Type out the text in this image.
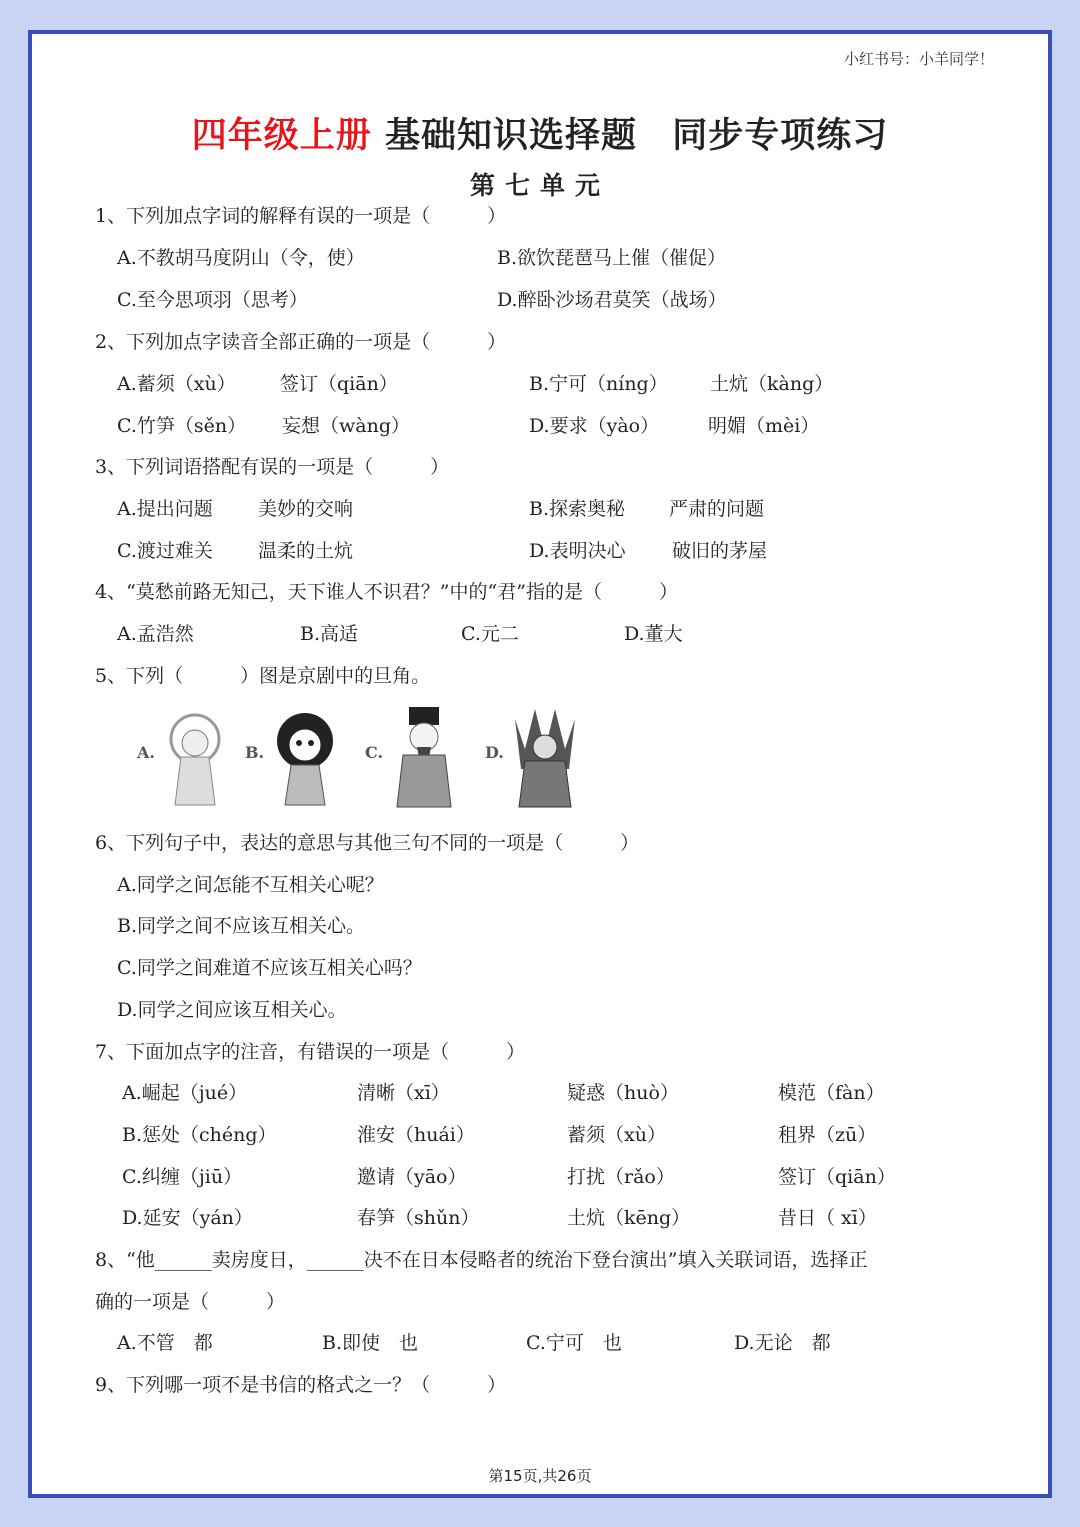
小红书号：小羊同学！
四年级上册 基础知识选择题 同步专项练习
第七单元
1、下列加点字词的解释有误的一项是（　　　）
A.不教胡马度阴山（令，使）	B.欲饮琵琶马上催（催促）
C.至今思项羽（思考）	D.醉卧沙场君莫笑（战场）
2、下列加点字读音全部正确的一项是（　　　）
A.蓄须（xù） 签订（qiān）	B.宁可（níng） 土炕（kàng）
C.竹笋（sěn） 妄想（wàng）	D.要求（yào）	明媚（mèi）
3、下列词语搭配有误的一项是（　　　）
A.提出问题 美妙的交响	B.探索奥秘 严肃的问题
C.渡过难关 温柔的土炕	D.表明决心 破旧的茅屋
4、“莫愁前路无知己，天下谁人不识君？”中的“君”指的是（　　　）
A.孟浩然	B.高适	C.元二	D.董大
5、下列（　　　）图是京剧中的旦角。
A.	B.	C.	D.
6、下列句子中，表达的意思与其他三句不同的一项是（　　　）
A.同学之间怎能不互相关心呢？
B.同学之间不应该互相关心。
C.同学之间难道不应该互相关心吗？
D.同学之间应该互相关心。
7、下面加点字的注音，有错误的一项是（　　　）
A.崛起（jué）	清晰（xī）	疑惑（huò）	模范（fàn）
B.惩处（chéng）	淮安（huái）	蓄须（xù）	租界（zū）
C.纠缠（jiū）	邀请（yāo）	打扰（rǎo）	签订（qiān）
D.延安（yán）	春笋（shǔn）	土炕（kēng）	昔日（ xī）
8、“他______卖房度日，______决不在日本侵略者的统治下登台演出”填入关联词语，选择正
确的一项是（　　　）
A.不管　都	B.即使　也	C.宁可　也	D.无论　都
9、下列哪一项不是书信的格式之一？（　　　）
第15页,共26页
